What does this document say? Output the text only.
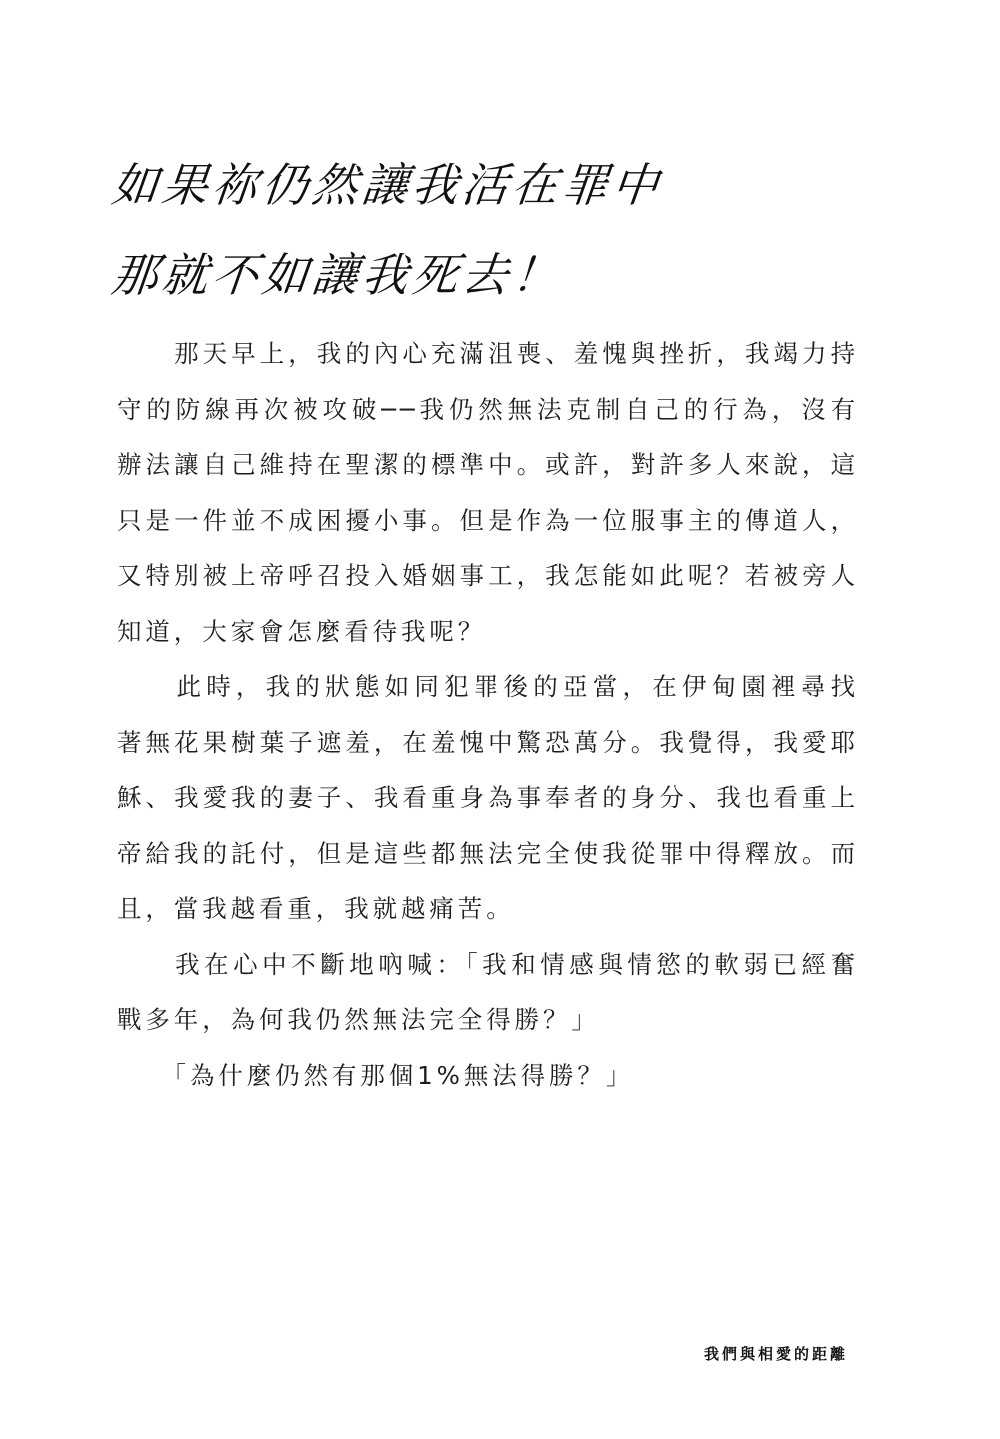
如果祢仍然讓我活在罪中
那就不如讓我死去！

　　那天早上，我的內心充滿沮喪、羞愧與挫折，我竭力持
守的防線再次被攻破──我仍然無法克制自己的行為，沒有
辦法讓自己維持在聖潔的標準中。或許，對許多人來說，這
只是一件並不成困擾小事。但是作為一位服事主的傳道人，
又特別被上帝呼召投入婚姻事工，我怎能如此呢？若被旁人
知道，大家會怎麼看待我呢？

　　此時，我的狀態如同犯罪後的亞當，在伊甸園裡尋找
著無花果樹葉子遮羞，在羞愧中驚恐萬分。我覺得，我愛耶
穌、我愛我的妻子、我看重身為事奉者的身分、我也看重上
帝給我的託付，但是這些都無法完全使我從罪中得釋放。而
且，當我越看重，我就越痛苦。

　　我在心中不斷地吶喊：「我和情感與情慾的軟弱已經奮
戰多年，為何我仍然無法完全得勝？」

　　「為什麼仍然有那個1%無法得勝？」

我們與相愛的距離
